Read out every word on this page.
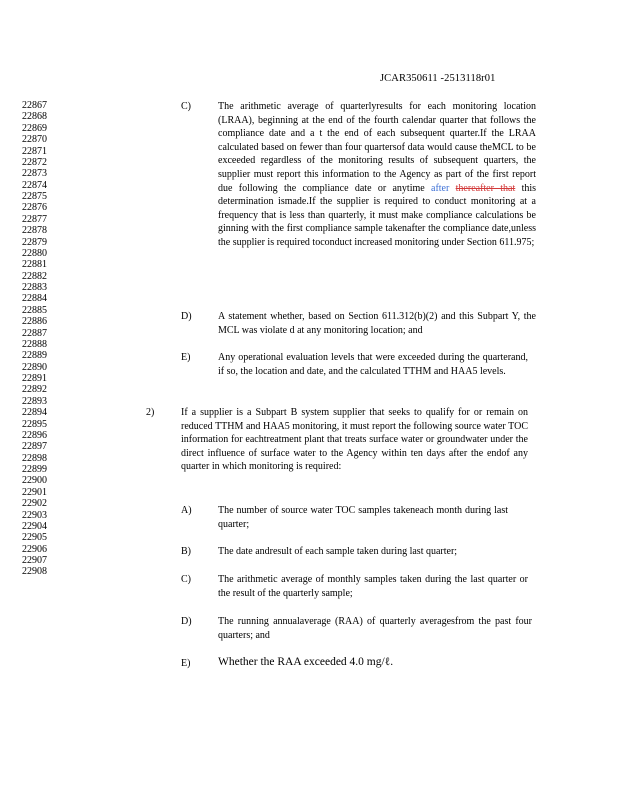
JCAR350611 -2513118r01
22867
22868
22869
22870
22871
22872
22873
22874
22875
22876
22877
22878
22879
22880
22881
22882
22883
22884
22885
22886
22887
22888
22889
22890
22891
22892
22893
22894
22895
22896
22897
22898
22899
22900
22901
22902
22903
22904
22905
22906
22907
22908
C)	The arithmetic average of quarterlyresults for each monitoring location (LRAA), beginning at the end of the fourth calendar quarter that follows the compliance date and a t the end of each subsequent quarter.If the LRAA calculated based on fewer than four quartersof data would cause theMCL to be exceeded regardless of the monitoring results of subsequent quarters, the supplier must report this information to the Agency as part of the first report due following the compliance date or anytime after thereafter that this determination ismade.If the supplier is required to conduct monitoring at a frequency that is less than quarterly, it must make compliance calculations be ginning with the first compliance sample takenafter the compliance date,unless the supplier is required toconduct increased monitoring under Section 611.975;
D)	A statement whether, based on Section 611.312(b)(2) and this Subpart Y, the MCL was violate d at any monitoring location; and
E)	Any operational evaluation levels that were exceeded during the quarterand, if so, the location and date, and the calculated TTHM and HAA5 levels.
2)	If a supplier is a Subpart B system supplier that seeks to qualify for or remain on reduced TTHM and HAA5 monitoring, it must report the following source water TOC information for eachtreatment plant that treats surface water or groundwater under the direct influence of surface water to the Agency within ten days after the endof any quarter in which monitoring is required:
A)	The number of source water TOC samples takeneach month during last quarter;
B)	The date andresult of each sample taken during last quarter;
C)	The arithmetic average of monthly samples taken during the last quarter or the result of the quarterly sample;
D)	The running annualaverage (RAA) of quarterly averagesfrom the past four quarters; and
E) Whether the RAA exceeded 4.0 mg/ℓ.
